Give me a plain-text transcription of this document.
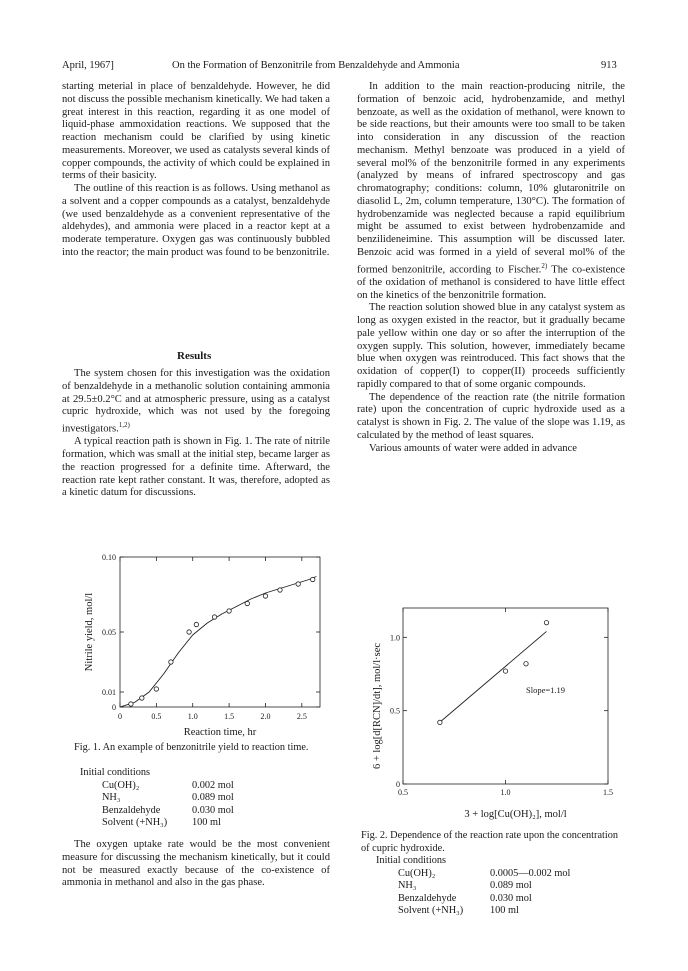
April, 1967]	On the Formation of Benzonitrile from Benzaldehyde and Ammonia	913

starting meterial in place of benzaldehyde. However, he did not discuss the possible mechanism kinetically. We had taken a great interest in this reaction, regarding it as one model of liquid-phase ammoxidation reactions. We supposed that the reaction mechanism could be clarified by using kinetic measurements. Moreover, we used as catalysts several kinds of copper compounds, the activity of which could be explained in terms of their basicity.

The outline of this reaction is as follows. Using methanol as a solvent and a copper compounds as a catalyst, benzaldehyde (we used benzaldehyde as a convenient representative of the aldehydes), and ammonia were placed in a reactor kept at a moderate temperature. Oxygen gas was continuously bubbled into the reactor; the main product was found to be benzonitrile.

Results

The system chosen for this investigation was the oxidation of benzaldehyde in a methanolic solution containing ammonia at 29.5±0.2°C and at atmospheric pressure, using as a catalyst cupric hydroxide, which was not used by the foregoing investigators.$^{1,2)}$

A typical reaction path is shown in Fig. 1. The rate of nitrile formation, which was small at the initial step, became larger as the reaction progressed for a definite time. Afterward, the reaction rate kept rather constant. It was, therefore, adopted as a kinetic datum for discussions.

0	0.5	1.0	1.5	2.0	2.5
0
0.01
0.05
0.10
Reaction time, hr
Nitrile yield, mol/l
Fig. 1. An example of benzonitrile yield to reaction time.
Initial conditions
Cu(OH)₂	0.002 mol
NH₃	0.089 mol
Benzaldehyde	0.030 mol
Solvent (+NH₃)	100 ml

The oxygen uptake rate would be the most convenient measure for discussing the mechanism kinetically, but it could not be measured exactly because of the co-existence of ammonia in methanol and also in the gas phase.

In addition to the main reaction-producing nitrile, the formation of benzoic acid, hydrobenzamide, and methyl benzoate, as well as the oxidation of methanol, were known to be side reactions, but their amounts were too small to be taken into consideration in any discussion of the reaction mechanism. Methyl benzoate was produced in a yield of several mol% of the benzonitrile formed in any experiments (analyzed by means of infrared spectroscopy and gas chromatography; conditions: column, 10% glutaronitrile on diasolid L, 2m, column temperature, 130°C). The formation of hydrobenzamide was neglected because a rapid equilibrium might be assumed to exist between hydrobenzamide and benzilideneimine. This assumption will be discussed later. Benzoic acid was formed in a yield of several mol% of the formed benzonitrile, according to Fischer.$^{2)}$ The co-existence of the oxidation of methanol is considered to have little effect on the kinetics of the benzonitrile formation.

The reaction solution showed blue in any catalyst system as long as oxygen existed in the reactor, but it gradually became pale yellow within one day or so after the interruption of the oxygen supply. This solution, however, immediately became blue when oxygen was reintroduced. This fact shows that the oxidation of copper(I) to copper(II) proceeds sufficiently rapidly compared to that of some organic compounds.

The dependence of the reaction rate (the nitrile formation rate) upon the concentration of cupric hydroxide used as a catalyst is shown in Fig. 2. The value of the slope was 1.19, as calculated by the method of least squares.

Various amounts of water were added in advance

0.5	1.0	1.5
0
0.5
1.0
Slope=1.19
3 + log[Cu(OH)₂], mol/l
6 + log[d[RCN]/dt], mol/l·sec
Fig. 2. Dependence of the reaction rate upon the concentration of cupric hydroxide.
Initial conditions
Cu(OH)₂	0.0005—0.002 mol
NH₃	0.089 mol
Benzaldehyde	0.030 mol
Solvent (+NH₃)	100 ml
